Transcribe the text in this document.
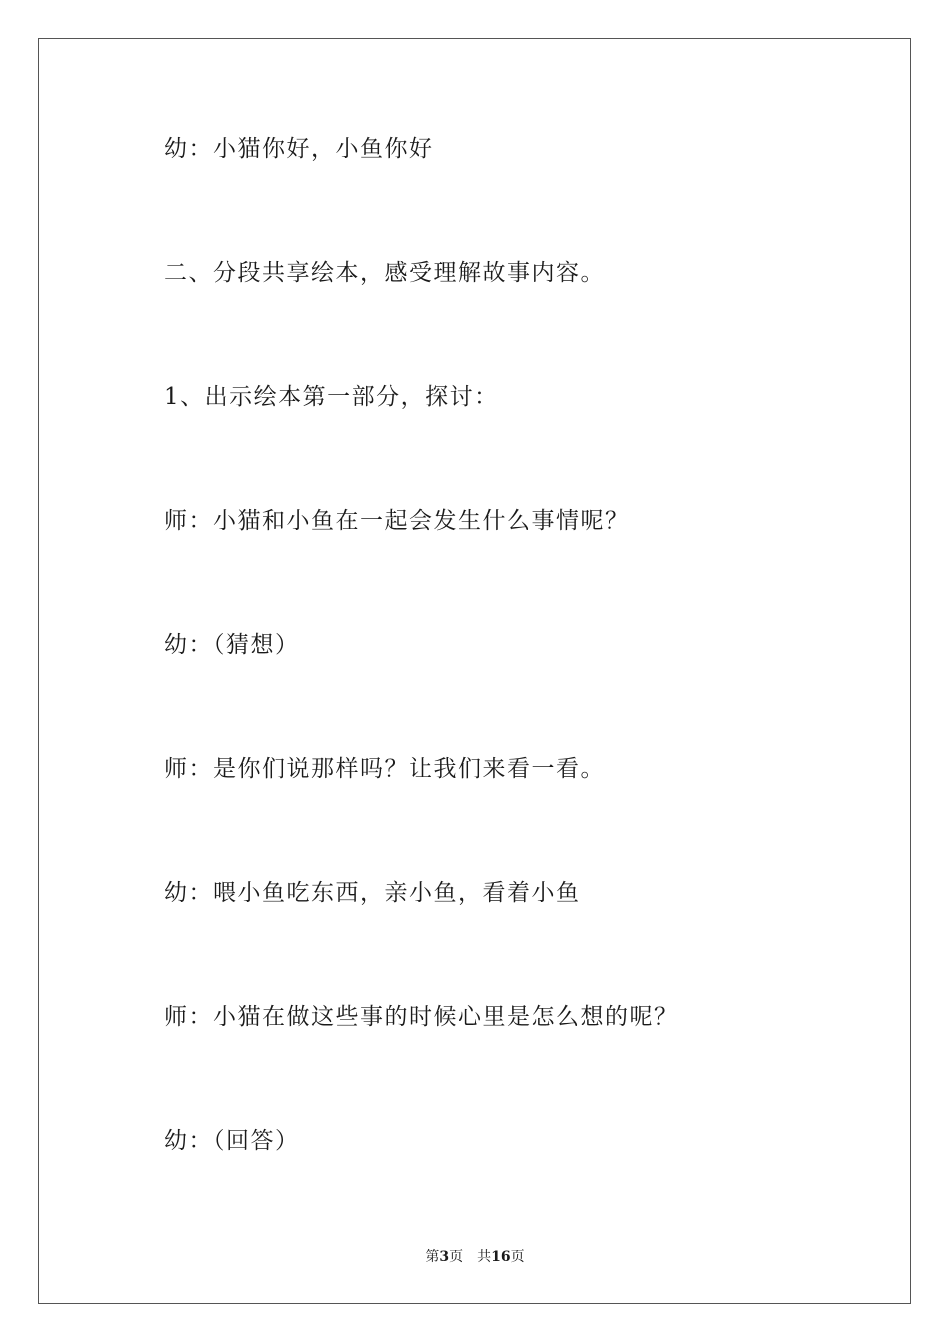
幼：小猫你好，小鱼你好
二、分段共享绘本，感受理解故事内容。
1、出示绘本第一部分，探讨：
师：小猫和小鱼在一起会发生什么事情呢？
幼：（猜想）
师：是你们说那样吗？让我们来看一看。
幼：喂小鱼吃东西，亲小鱼，看着小鱼
师：小猫在做这些事的时候心里是怎么想的呢？
幼：（回答）
第3页 共16页
